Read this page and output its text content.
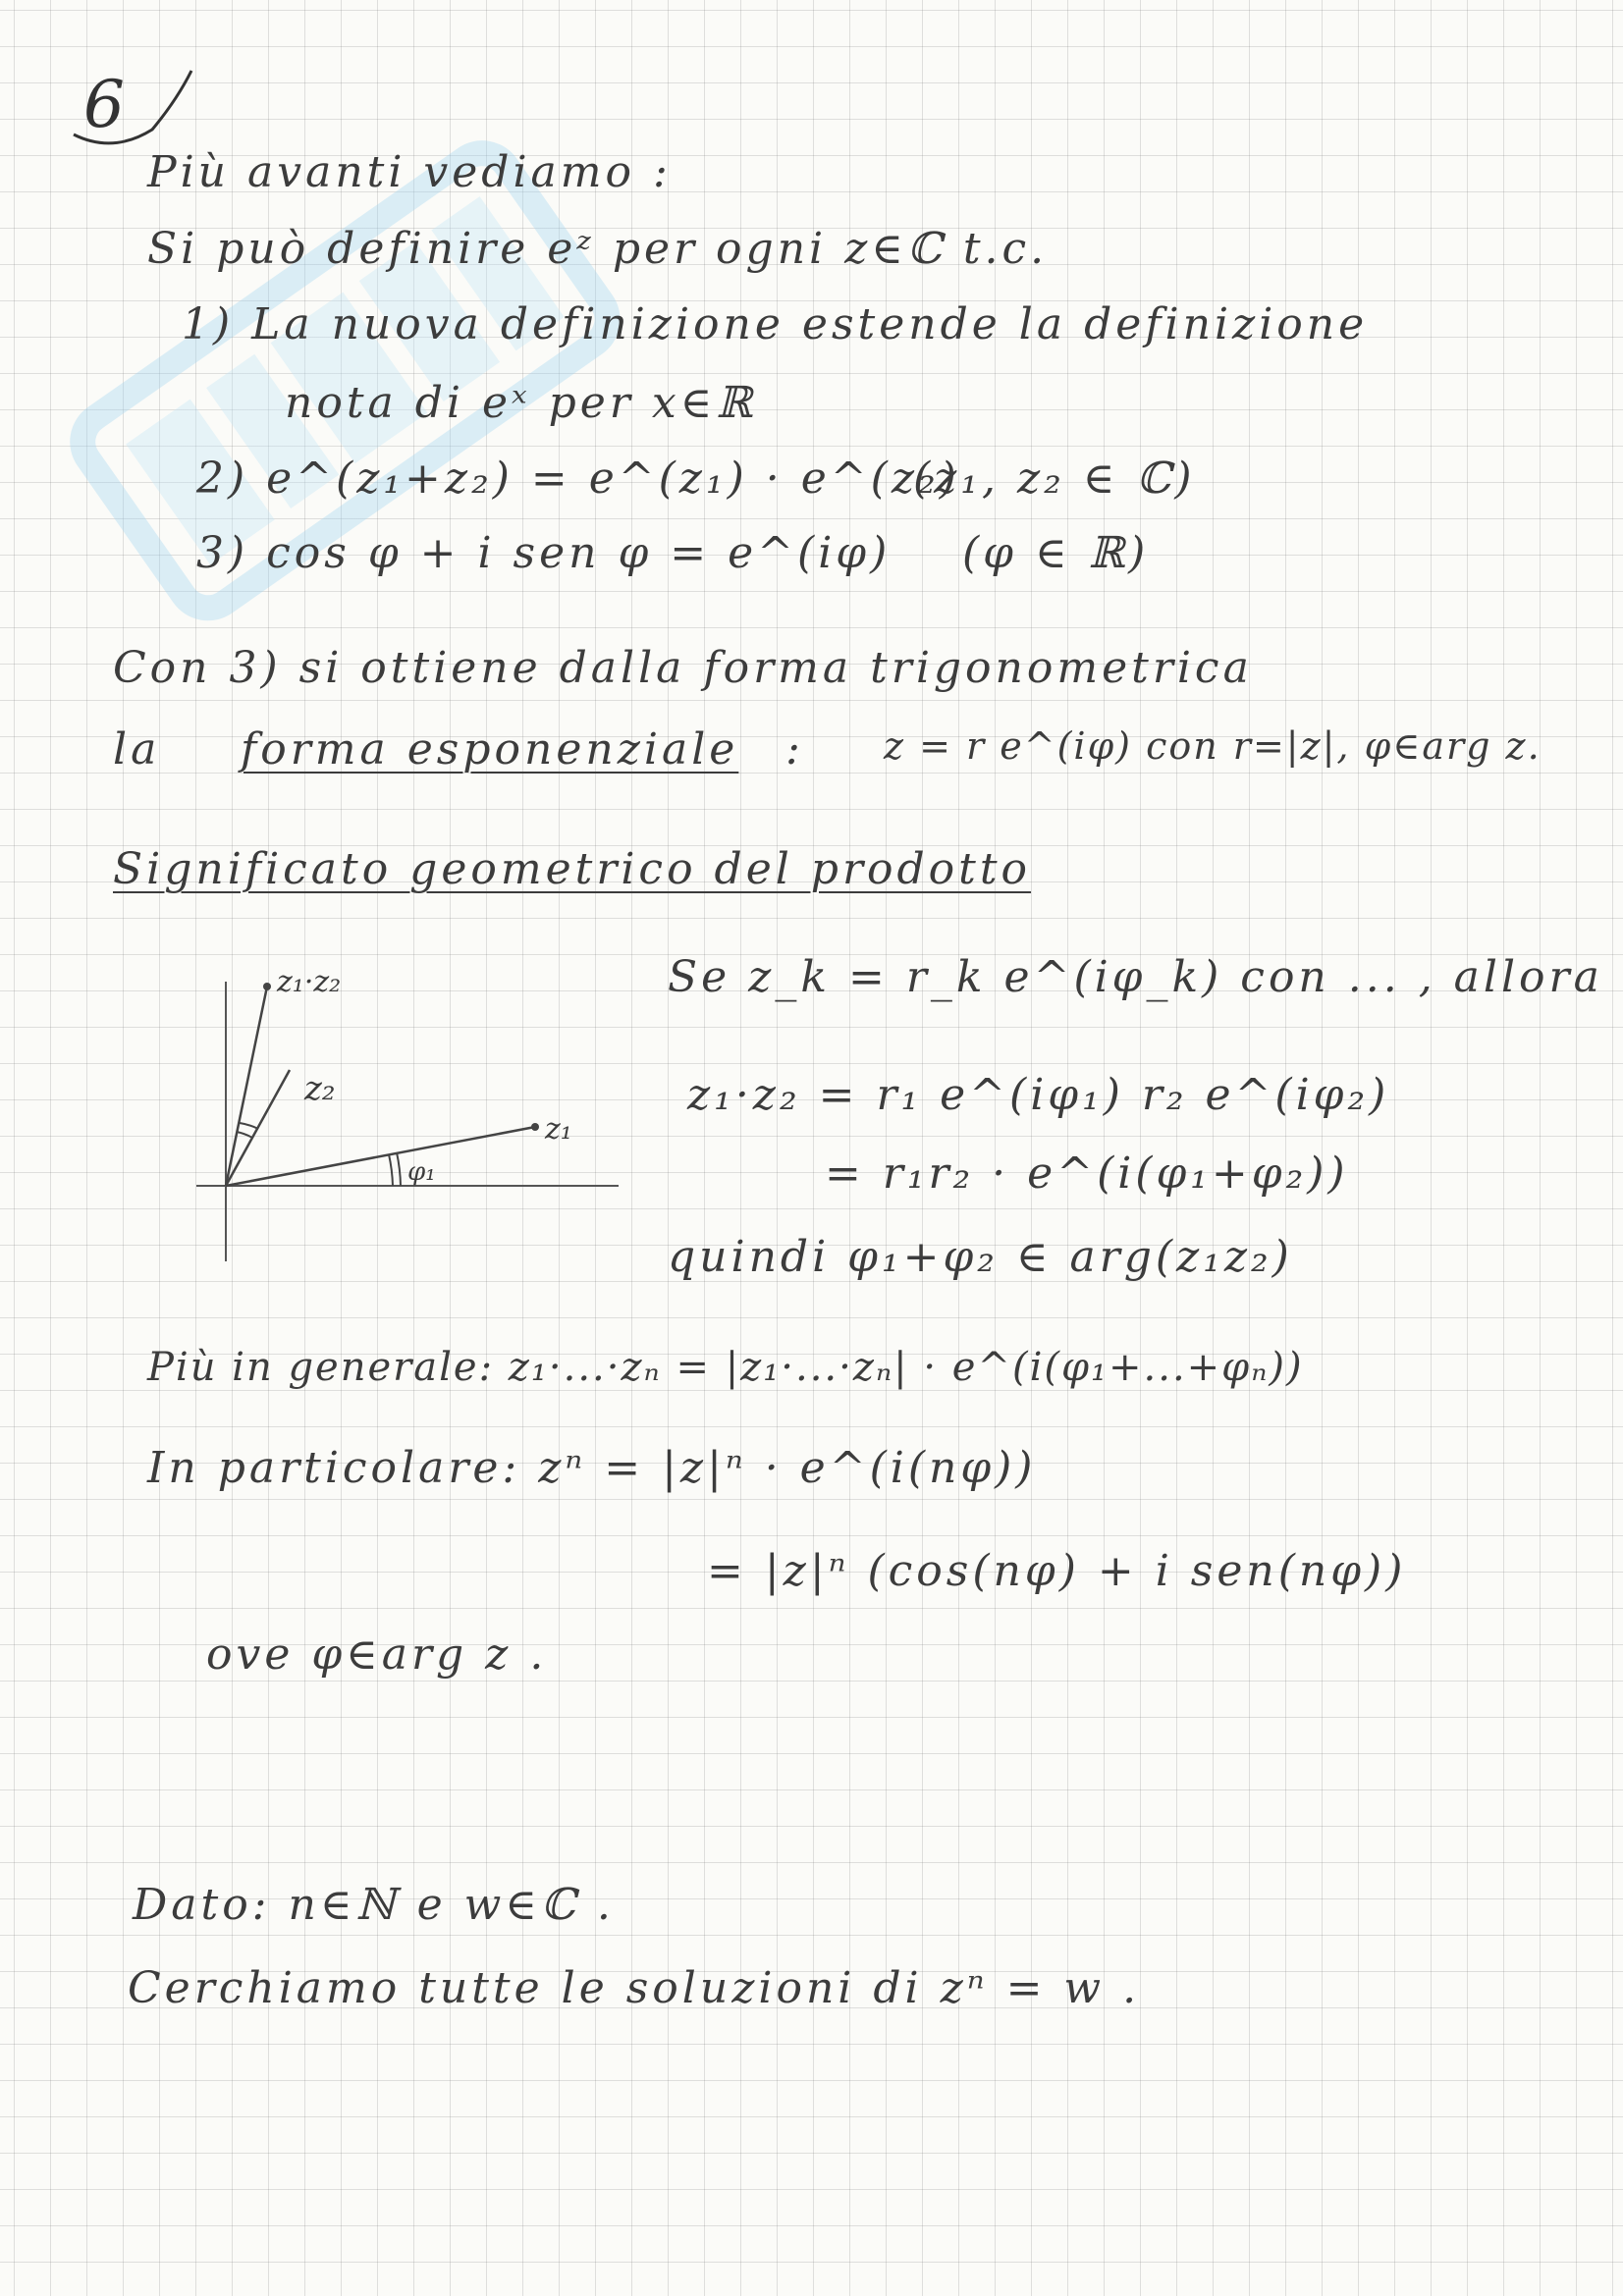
6
Più avanti vediamo :
Si può definire eᶻ per ogni z∈ℂ t.c.
1) La nuova definizione estende la definizione
nota di eˣ per x∈ℝ
2) e^(z₁+z₂) = e^(z₁) · e^(z₂)
(z₁, z₂ ∈ ℂ)
3) cos φ + i sen φ = e^(iφ) (φ ∈ ℝ)
Con 3) si ottiene dalla forma trigonometrica
la forma esponenziale : z = r e^(iφ) con r=|z|, φ∈arg z.
Significato geometrico del prodotto
Se z_k = r_k e^(iφ_k) con ... , allora
z₁·z₂ = r₁ e^(iφ₁) r₂ e^(iφ₂)
= r₁r₂ · e^(i(φ₁+φ₂))
quindi φ₁+φ₂ ∈ arg(z₁z₂)
Più in generale: z₁·...·zₙ = |z₁·...·zₙ| · e^(i(φ₁+...+φₙ))
In particolare: zⁿ = |z|ⁿ · e^(i(nφ))
= |z|ⁿ (cos(nφ) + i sen(nφ))
ove φ∈arg z .
Dato: n∈ℕ e w∈ℂ .
Cerchiamo tutte le soluzioni di zⁿ = w .
z₁·z₂
z₂
z₁
φ₁
